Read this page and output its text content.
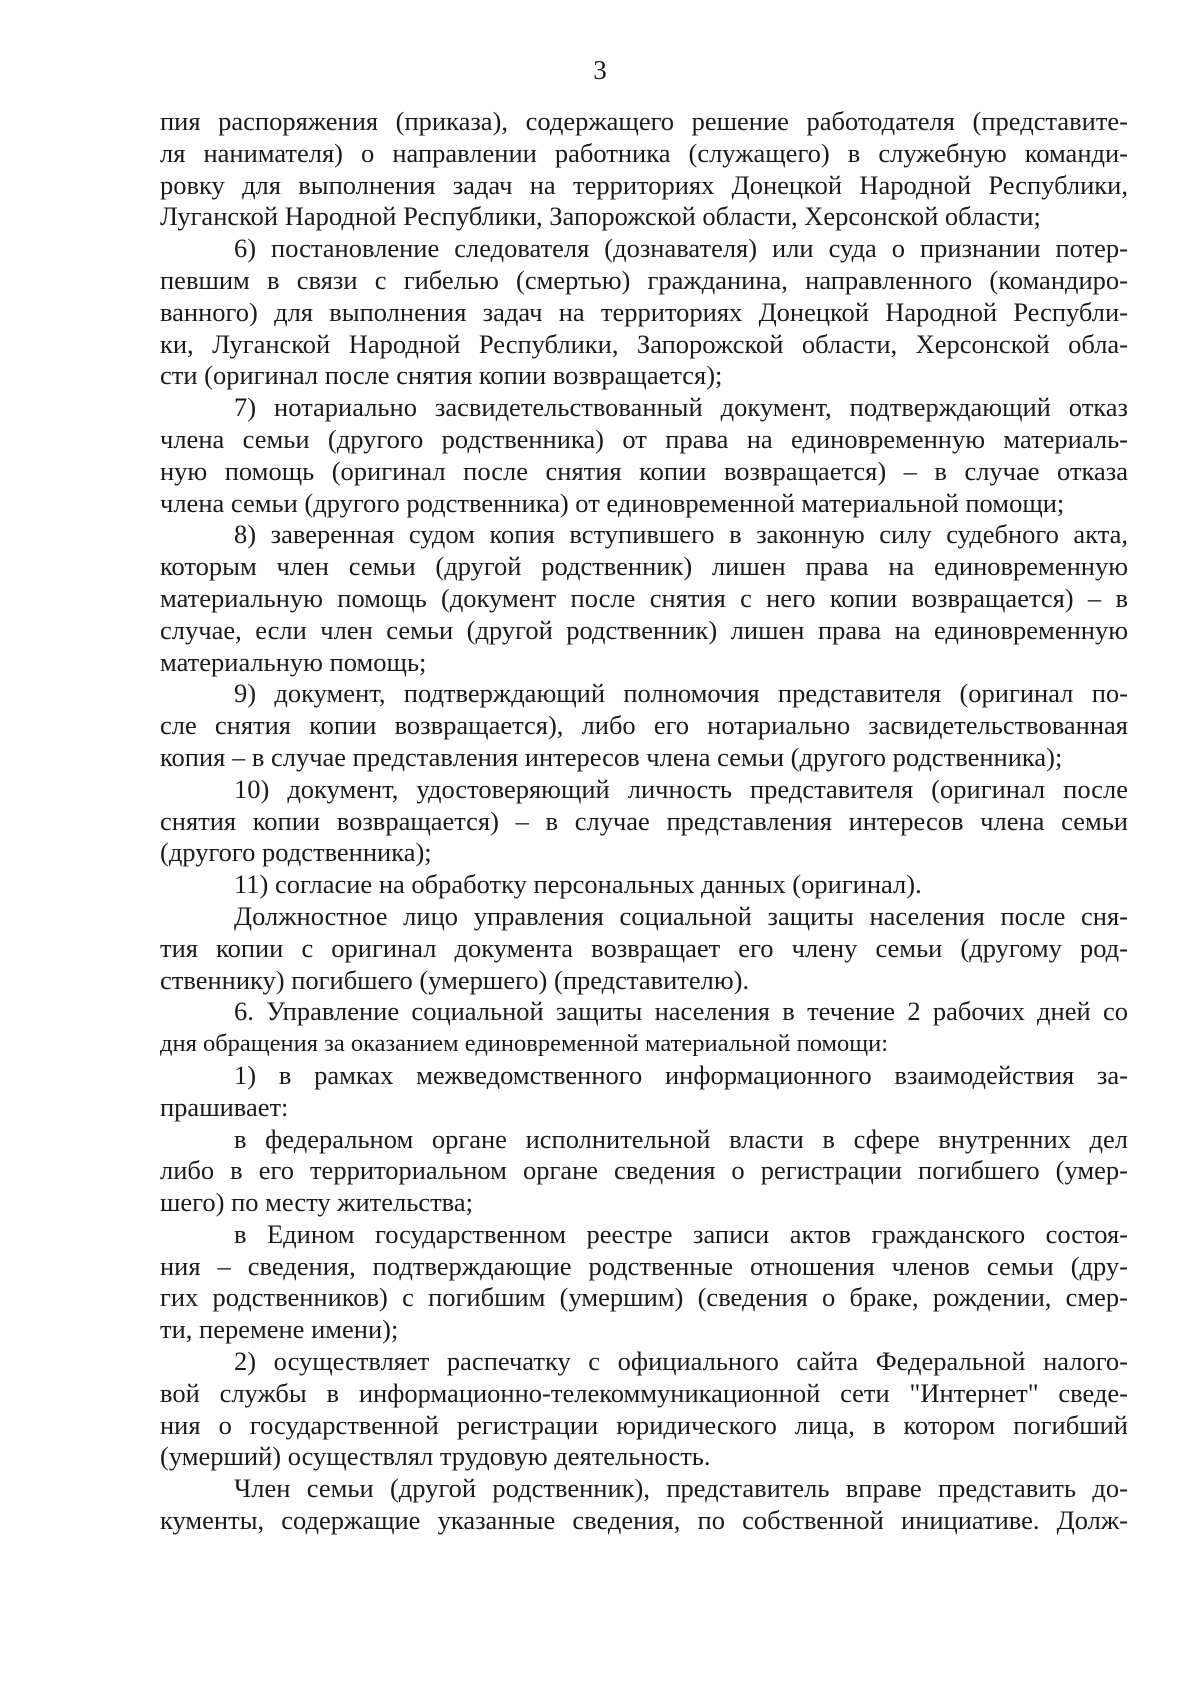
3
пия распоряжения (приказа), содержащего решение работодателя (представите-
ля нанимателя) о направлении работника (служащего) в служебную команди-
ровку для выполнения задач на территориях Донецкой Народной Республики,
Луганской Народной Республики, Запорожской области, Херсонской области;
6) постановление следователя (дознавателя) или суда о признании потер-
певшим в связи с гибелью (смертью) гражданина, направленного (командиро-
ванного) для выполнения задач на территориях Донецкой Народной Республи-
ки, Луганской Народной Республики, Запорожской области, Херсонской обла-
сти (оригинал после снятия копии возвращается);
7) нотариально засвидетельствованный документ, подтверждающий отказ
члена семьи (другого родственника) от права на единовременную материаль-
ную помощь (оригинал после снятия копии возвращается) – в случае отказа
члена семьи (другого родственника) от единовременной материальной помощи;
8) заверенная судом копия вступившего в законную силу судебного акта,
которым член семьи (другой родственник) лишен права на единовременную
материальную помощь (документ после снятия с него копии возвращается) – в
случае, если член семьи (другой родственник) лишен права на единовременную
материальную помощь;
9) документ, подтверждающий полномочия представителя (оригинал по-
сле снятия копии возвращается), либо его нотариально засвидетельствованная
копия – в случае представления интересов члена семьи (другого родственника);
10) документ, удостоверяющий личность представителя (оригинал после
снятия копии возвращается) – в случае представления интересов члена семьи
(другого родственника);
11) согласие на обработку персональных данных (оригинал).
Должностное лицо управления социальной защиты населения после сня-
тия копии с оригинал документа возвращает его члену семьи (другому род-
ственнику) погибшего (умершего) (представителю).
6. Управление социальной защиты населения в течение 2 рабочих дней со
дня обращения за оказанием единовременной материальной помощи:
1) в рамках межведомственного информационного взаимодействия за-
прашивает:
в федеральном органе исполнительной власти в сфере внутренних дел
либо в его территориальном органе сведения о регистрации погибшего (умер-
шего) по месту жительства;
в Едином государственном реестре записи актов гражданского состоя-
ния – сведения, подтверждающие родственные отношения членов семьи (дру-
гих родственников) с погибшим (умершим) (сведения о браке, рождении, смер-
ти, перемене имени);
2) осуществляет распечатку с официального сайта Федеральной налого-
вой службы в информационно-телекоммуникационной сети "Интернет" сведе-
ния о государственной регистрации юридического лица, в котором погибший
(умерший) осуществлял трудовую деятельность.
Член семьи (другой родственник), представитель вправе представить до-
кументы, содержащие указанные сведения, по собственной инициативе. Долж-
